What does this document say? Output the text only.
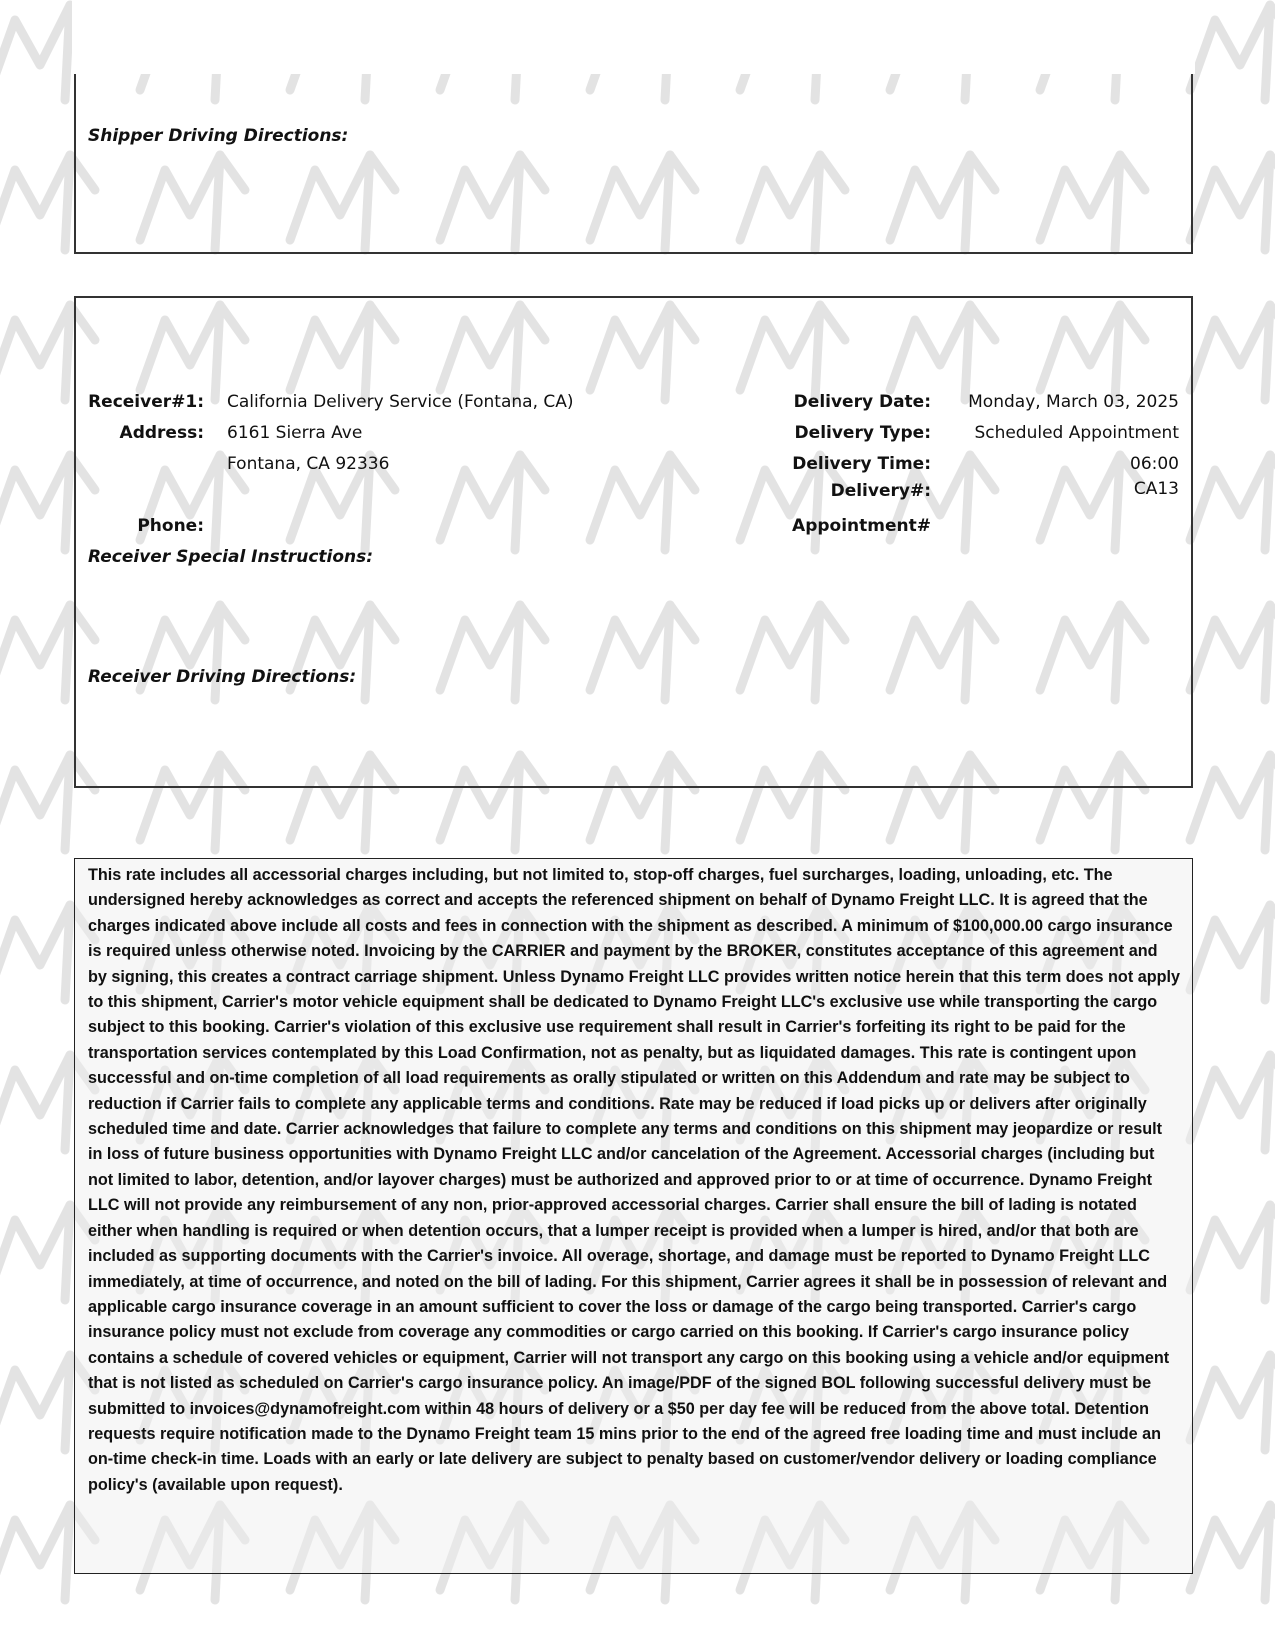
Shipper Driving Directions:
Receiver#1: California Delivery Service (Fontana, CA)
Address: 6161 Sierra Ave
Fontana, CA 92336
Phone:
Receiver Special Instructions:
Receiver Driving Directions:
Delivery Date: Monday, March 03, 2025
Delivery Type:	Scheduled Appointment
Delivery Time:	06:00
Delivery#:	CA13
Appointment#

This rate includes all accessorial charges including, but not limited to, stop-off charges, fuel surcharges, loading, unloading, etc. The undersigned hereby acknowledges as correct and accepts the referenced shipment on behalf of Dynamo Freight LLC. It is agreed that the charges indicated above include all costs and fees in connection with the shipment as described. A minimum of $100,000.00 cargo insurance is required unless otherwise noted. Invoicing by the CARRIER and payment by the BROKER, constitutes acceptance of this agreement and by signing, this creates a contract carriage shipment. Unless Dynamo Freight LLC provides written notice herein that this term does not apply to this shipment, Carrier's motor vehicle equipment shall be dedicated to Dynamo Freight LLC's exclusive use while transporting the cargo subject to this booking. Carrier's violation of this exclusive use requirement shall result in Carrier's forfeiting its right to be paid for the transportation services contemplated by this Load Confirmation, not as penalty, but as liquidated damages. This rate is contingent upon successful and on-time completion of all load requirements as orally stipulated or written on this Addendum and rate may be subject to reduction if Carrier fails to complete any applicable terms and conditions. Rate may be reduced if load picks up or delivers after originally scheduled time and date. Carrier acknowledges that failure to complete any terms and conditions on this shipment may jeopardize or result in loss of future business opportunities with Dynamo Freight LLC and/or cancelation of the Agreement. Accessorial charges (including but not limited to labor, detention, and/or layover charges) must be authorized and approved prior to or at time of occurrence. Dynamo Freight LLC will not provide any reimbursement of any non, prior-approved accessorial charges. Carrier shall ensure the bill of lading is notated either when handling is required or when detention occurs, that a lumper receipt is provided when a lumper is hired, and/or that both are included as supporting documents with the Carrier's invoice. All overage, shortage, and damage must be reported to Dynamo Freight LLC immediately, at time of occurrence, and noted on the bill of lading. For this shipment, Carrier agrees it shall be in possession of relevant and applicable cargo insurance coverage in an amount sufficient to cover the loss or damage of the cargo being transported. Carrier's cargo insurance policy must not exclude from coverage any commodities or cargo carried on this booking. If Carrier's cargo insurance policy contains a schedule of covered vehicles or equipment, Carrier will not transport any cargo on this booking using a vehicle and/or equipment that is not listed as scheduled on Carrier's cargo insurance policy. An image/PDF of the signed BOL following successful delivery must be submitted to invoices@dynamofreight.com within 48 hours of delivery or a $50 per day fee will be reduced from the above total. Detention requests require notification made to the Dynamo Freight team 15 mins prior to the end of the agreed free loading time and must include an on-time check-in time. Loads with an early or late delivery are subject to penalty based on customer/vendor delivery or loading compliance policy's (available upon request).
